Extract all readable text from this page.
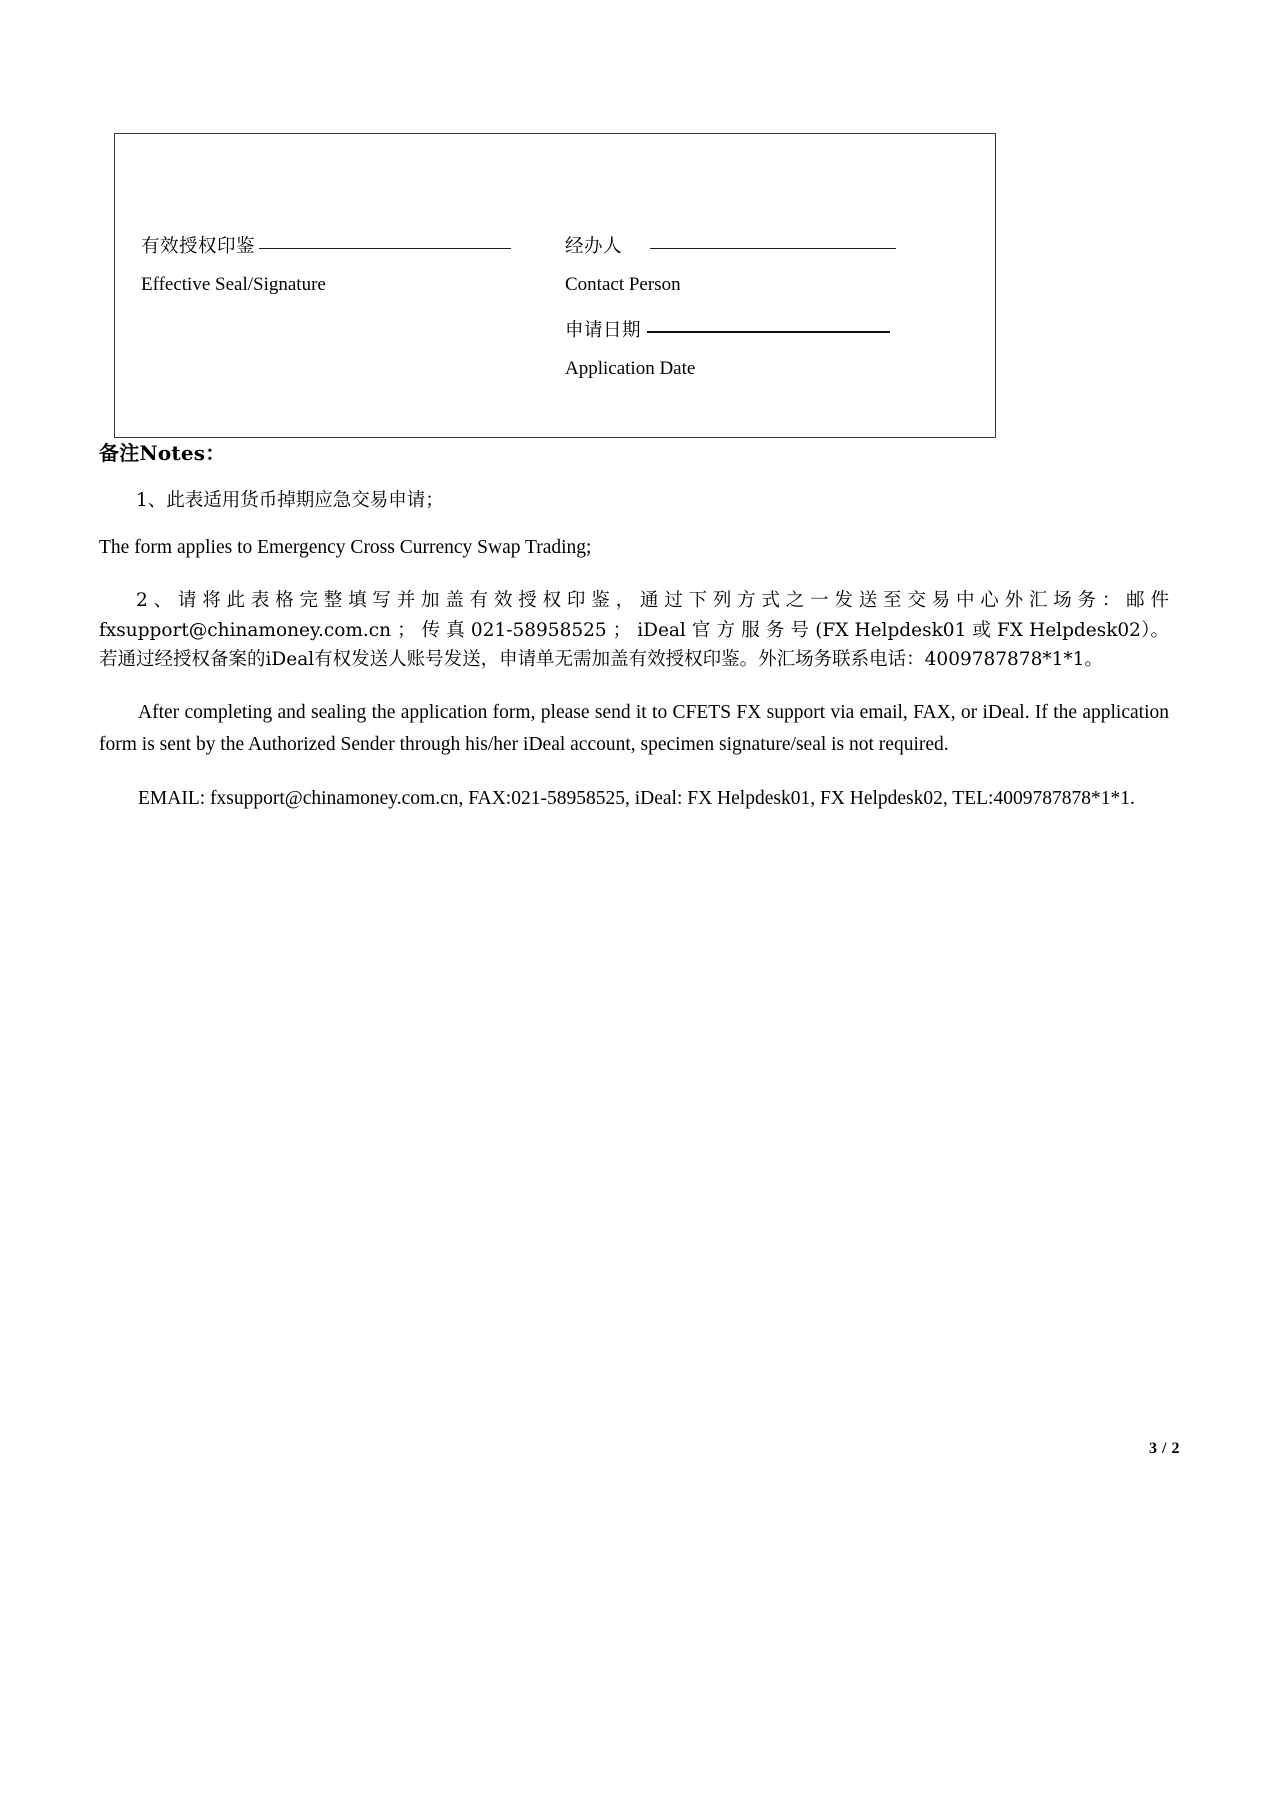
有效授权印鉴
Effective Seal/Signature
经办人
Contact Person
申请日期
Application Date

备注Notes：

1、此表适用货币掉期应急交易申请；

The form applies to Emergency Cross Currency Swap Trading;

2、请将此表格完整填写并加盖有效授权印鉴，通过下列方式之一发送至交易中心外汇场务：邮件 fxsupport@chinamoney.com.cn ； 传 真 021-58958525 ； iDeal 官 方 服 务 号 (FX Helpdesk01 或 FX Helpdesk02）。若通过经授权备案的iDeal有权发送人账号发送，申请单无需加盖有效授权印鉴。外汇场务联系电话：4009787878*1*1。

After completing and sealing the application form, please send it to CFETS FX support via email, FAX, or iDeal. If the application form is sent by the Authorized Sender through his/her iDeal account, specimen signature/seal is not required.

EMAIL: fxsupport@chinamoney.com.cn, FAX:021-58958525, iDeal: FX Helpdesk01, FX Helpdesk02, TEL:4009787878*1*1.

3 / 2
